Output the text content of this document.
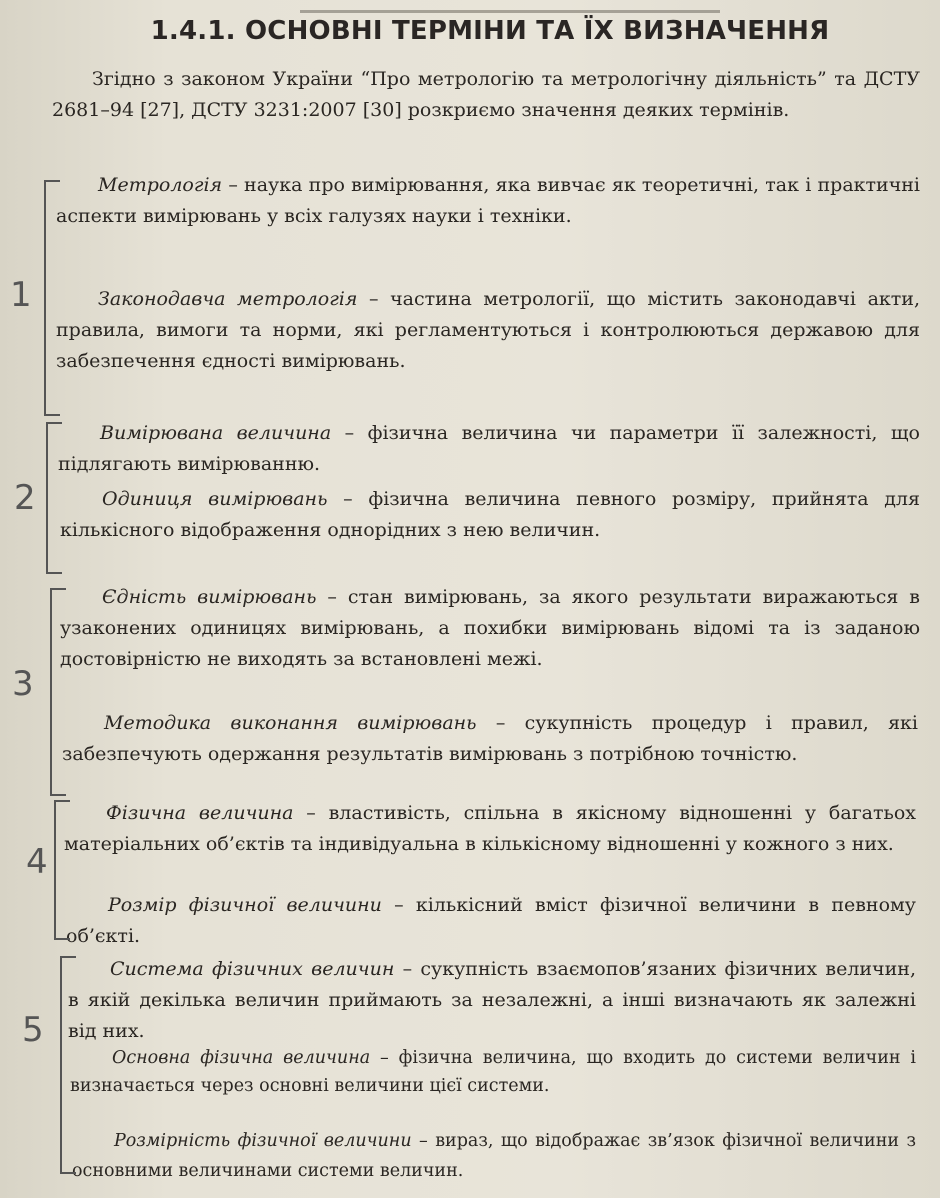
1.4.1. ОСНОВНІ ТЕРМІНИ ТА ЇХ ВИЗНАЧЕННЯ

Згідно з законом України “Про метрологію та метрологічну діяльність” та ДСТУ 2681–94 [27], ДСТУ 3231:2007 [30] розкриємо значення деяких термінів.

Метрологія – наука про вимірювання, яка вивчає як теоретичні, так і практичні аспекти вимірювань у всіх галузях науки і техніки.

Законодавча метрологія – частина метрології, що містить законодавчі акти, правила, вимоги та норми, які регламентуються і контролюються державою для забезпечення єдності вимірювань.

Вимірювана величина – фізична величина чи параметри її залежності, що підлягають вимірюванню.

Одиниця вимірювань – фізична величина певного розміру, прийнята для кількісного відображення однорідних з нею величин.

Єдність вимірювань – стан вимірювань, за якого результати виражаються в узаконених одиницях вимірювань, а похибки вимірювань відомі та із заданою достовірністю не виходять за встановлені межі.

Методика виконання вимірювань – сукупність процедур і правил, які забезпечують одержання результатів вимірювань з потрібною точністю.

Фізична величина – властивість, спільна в якісному відношенні у багатьох матеріальних об’єктів та індивідуальна в кількісному відношенні у кожного з них.

Розмір фізичної величини – кількісний вміст фізичної величини в певному об’єкті.

Система фізичних величин – сукупність взаємопов’язаних фізичних величин, в якій декілька величин приймають за незалежні, а інші визначають як залежні від них.

Основна фізична величина – фізична величина, що входить до системи величин і визначається через основні величини цієї системи.

Розмірність фізичної величини – вираз, що відображає зв’язок фізичної величини з основними величинами системи величин.

1
2
3
4
5
